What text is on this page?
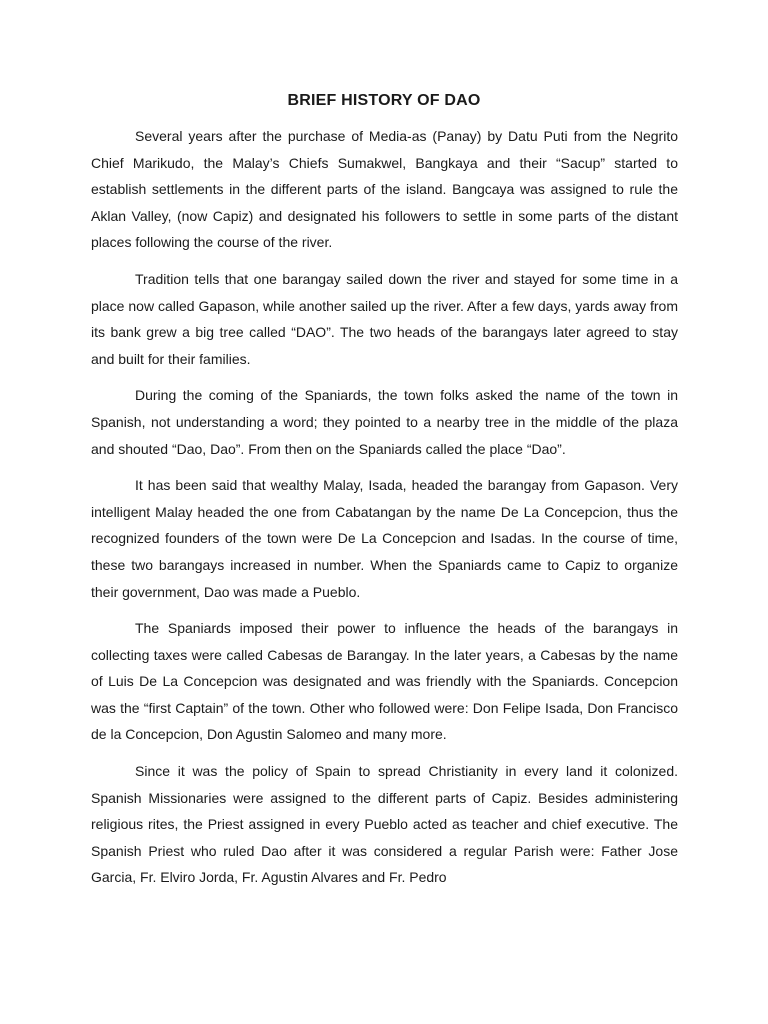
BRIEF HISTORY OF DAO

Several years after the purchase of Media-as (Panay) by Datu Puti from the Negrito Chief Marikudo, the Malay’s Chiefs Sumakwel, Bangkaya and their “Sacup” started to establish settlements in the different parts of the island. Bangcaya was assigned to rule the Aklan Valley, (now Capiz) and designated his followers to settle in some parts of the distant places following the course of the river.

Tradition tells that one barangay sailed down the river and stayed for some time in a place now called Gapason, while another sailed up the river. After a few days, yards away from its bank grew a big tree called “DAO”. The two heads of the barangays later agreed to stay and built for their families.

During the coming of the Spaniards, the town folks asked the name of the town in Spanish, not understanding a word; they pointed to a nearby tree in the middle of the plaza and shouted “Dao, Dao”. From then on the Spaniards called the place “Dao”.

It has been said that wealthy Malay, Isada, headed the barangay from Gapason. Very intelligent Malay headed the one from Cabatangan by the name De La Concepcion, thus the recognized founders of the town were De La Concepcion and Isadas. In the course of time, these two barangays increased in number. When the Spaniards came to Capiz to organize their government, Dao was made a Pueblo.

The Spaniards imposed their power to influence the heads of the barangays in collecting taxes were called Cabesas de Barangay. In the later years, a Cabesas by the name of Luis De La Concepcion was designated and was friendly with the Spaniards. Concepcion was the “first Captain” of the town. Other who followed were: Don Felipe Isada, Don Francisco de la Concepcion, Don Agustin Salomeo and many more.

Since it was the policy of Spain to spread Christianity in every land it colonized. Spanish Missionaries were assigned to the different parts of Capiz. Besides administering religious rites, the Priest assigned in every Pueblo acted as teacher and chief executive. The Spanish Priest who ruled Dao after it was considered a regular Parish were: Father Jose Garcia, Fr. Elviro Jorda, Fr. Agustin Alvares and Fr. Pedro
